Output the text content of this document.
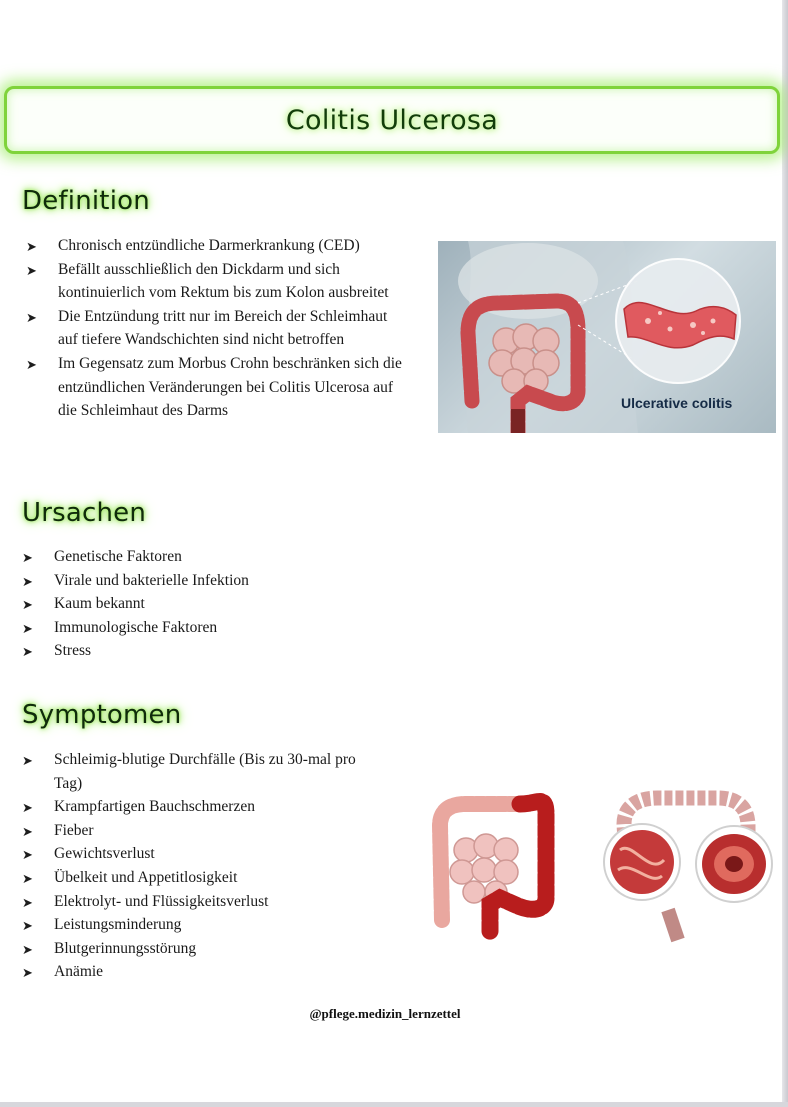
Colitis Ulcerosa
Definition
➤ Chronisch entzündliche Darmerkrankung (CED)
➤ Befällt ausschließlich den Dickdarm und sich kontinuierlich vom Rektum bis zum Kolon ausbreitet
➤ Die Entzündung tritt nur im Bereich der Schleimhaut auf tiefere Wandschichten sind nicht betroffen
➤ Im Gegensatz zum Morbus Crohn beschränken sich die entzündlichen Veränderungen bei Colitis Ulcerosa auf die Schleimhaut des Darms	Ulcerative colitis
Ursachen
➤ Genetische Faktoren
➤ Virale und bakterielle Infektion
➤ Kaum bekannt
➤ Immunologische Faktoren
➤ Stress
Symptomen
➤ Schleimig-blutige Durchfälle (Bis zu 30-mal pro Tag)
➤ Krampfartigen Bauchschmerzen
➤ Fieber
➤ Gewichtsverlust
➤ Übelkeit und Appetitlosigkeit
➤ Elektrolyt- und Flüssigkeitsverlust
➤ Leistungsminderung
➤ Blutgerinnungsstörung
➤ Anämie
@pflege.medizin_lernzettel
